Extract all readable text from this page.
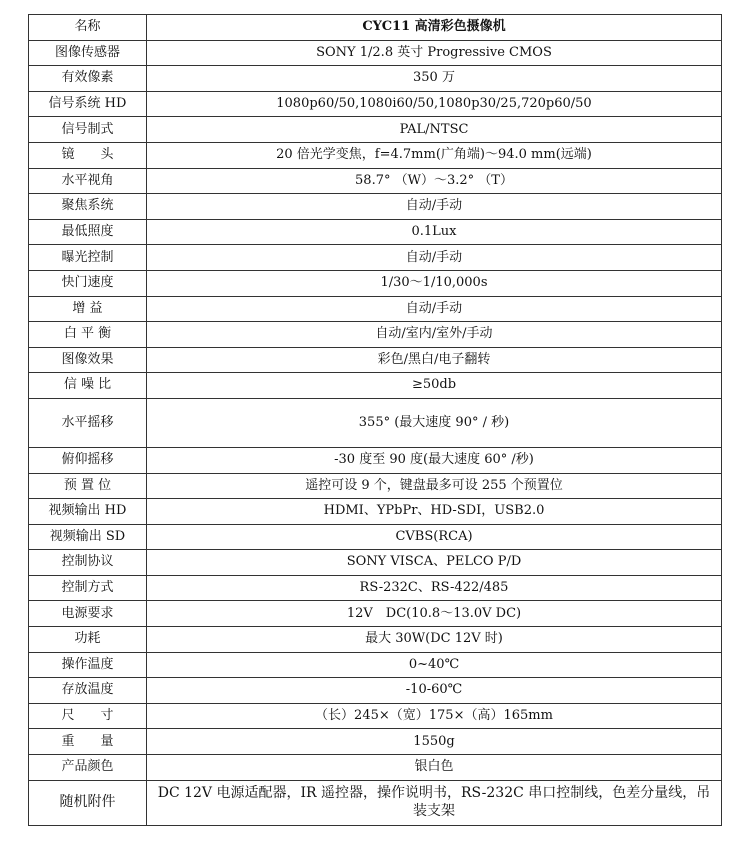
名称	CYC11 高清彩色摄像机
图像传感器	SONY 1/2.8 英寸 Progressive CMOS
有效像素	350 万
信号系统 HD	1080p60/50,1080i60/50,1080p30/25,720p60/50
信号制式	PAL/NTSC
镜　　头	20 倍光学变焦，f=4.7mm(广角端)～94.0 mm(远端)
水平视角	58.7° （W）～3.2° （T）
聚焦系统	自动/手动
最低照度	0.1Lux
曝光控制	自动/手动
快门速度	1/30～1/10,000s
增 益	自动/手动
白 平 衡	自动/室内/室外/手动
图像效果	彩色/黑白/电子翻转
信 噪 比	≥50db
水平摇移	355° (最大速度 90° / 秒)
俯仰摇移	-30 度至 90 度(最大速度 60° /秒)
预 置 位	遥控可设 9 个，键盘最多可设 255 个预置位
视频输出 HD	HDMI、YPbPr、HD-SDI，USB2.0
视频输出 SD	CVBS(RCA)
控制协议	SONY VISCA、PELCO P/D
控制方式	RS-232C、RS-422/485
电源要求	12V　DC(10.8～13.0V DC)
功耗	最大 30W(DC 12V 时)
操作温度	0~40℃
存放温度	-10-60℃
尺　　寸	（长）245×（宽）175×（高）165mm
重　　量	1550g
产品颜色	银白色
随机附件	DC 12V 电源适配器，IR 遥控器，操作说明书，RS-232C 串口控制线，色差分量线，吊装支架
